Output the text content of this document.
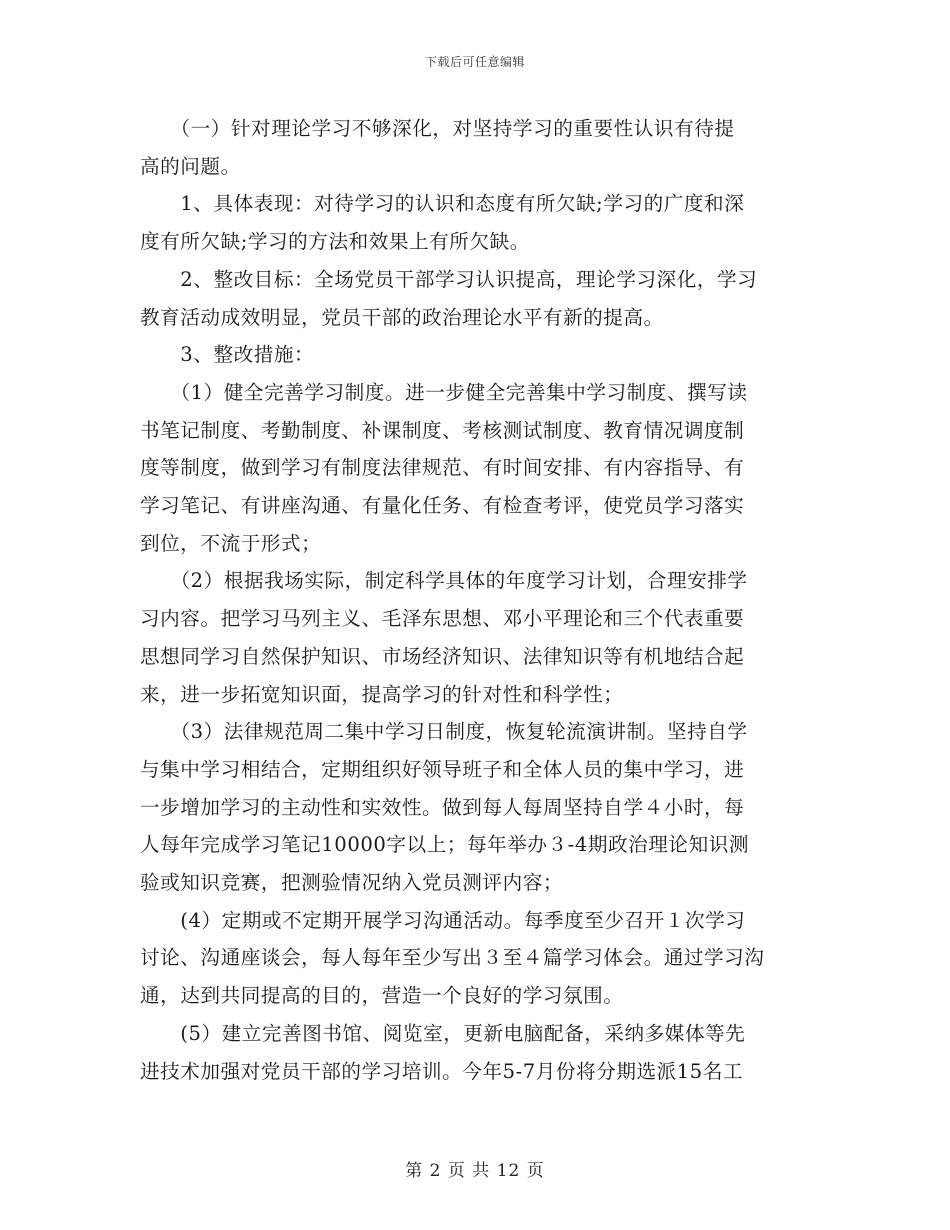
下载后可任意编辑

　　（一）针对理论学习不够深化，对坚持学习的重要性认识有待提
高的问题。

　　1、具体表现：对待学习的认识和态度有所欠缺;学习的广度和深
度有所欠缺;学习的方法和效果上有所欠缺。

　　2、整改目标：全场党员干部学习认识提高，理论学习深化，学习
教育活动成效明显，党员干部的政治理论水平有新的提高。

　　3、整改措施：

　　（1）健全完善学习制度。进一步健全完善集中学习制度、撰写读
书笔记制度、考勤制度、补课制度、考核测试制度、教育情况调度制
度等制度，做到学习有制度法律规范、有时间安排、有内容指导、有
学习笔记、有讲座沟通、有量化任务、有检查考评，使党员学习落实
到位，不流于形式；

　　（2）根据我场实际，制定科学具体的年度学习计划，合理安排学
习内容。把学习马列主义、毛泽东思想、邓小平理论和三个代表重要
思想同学习自然保护知识、市场经济知识、法律知识等有机地结合起
来，进一步拓宽知识面，提高学习的针对性和科学性；

　　（3）法律规范周二集中学习日制度，恢复轮流演讲制。坚持自学
与集中学习相结合，定期组织好领导班子和全体人员的集中学习，进
一步增加学习的主动性和实效性。做到每人每周坚持自学４小时，每
人每年完成学习笔记10000字以上；每年举办３-4期政治理论知识测
验或知识竞赛，把测验情况纳入党员测评内容；

　　(4）定期或不定期开展学习沟通活动。每季度至少召开１次学习
讨论、沟通座谈会，每人每年至少写出３至４篇学习体会。通过学习沟
通，达到共同提高的目的，营造一个良好的学习氛围。

　　(5）建立完善图书馆、阅览室，更新电脑配备，采纳多媒体等先
进技术加强对党员干部的学习培训。今年5-7月份将分期选派15名工

第 2 页 共 12 页
